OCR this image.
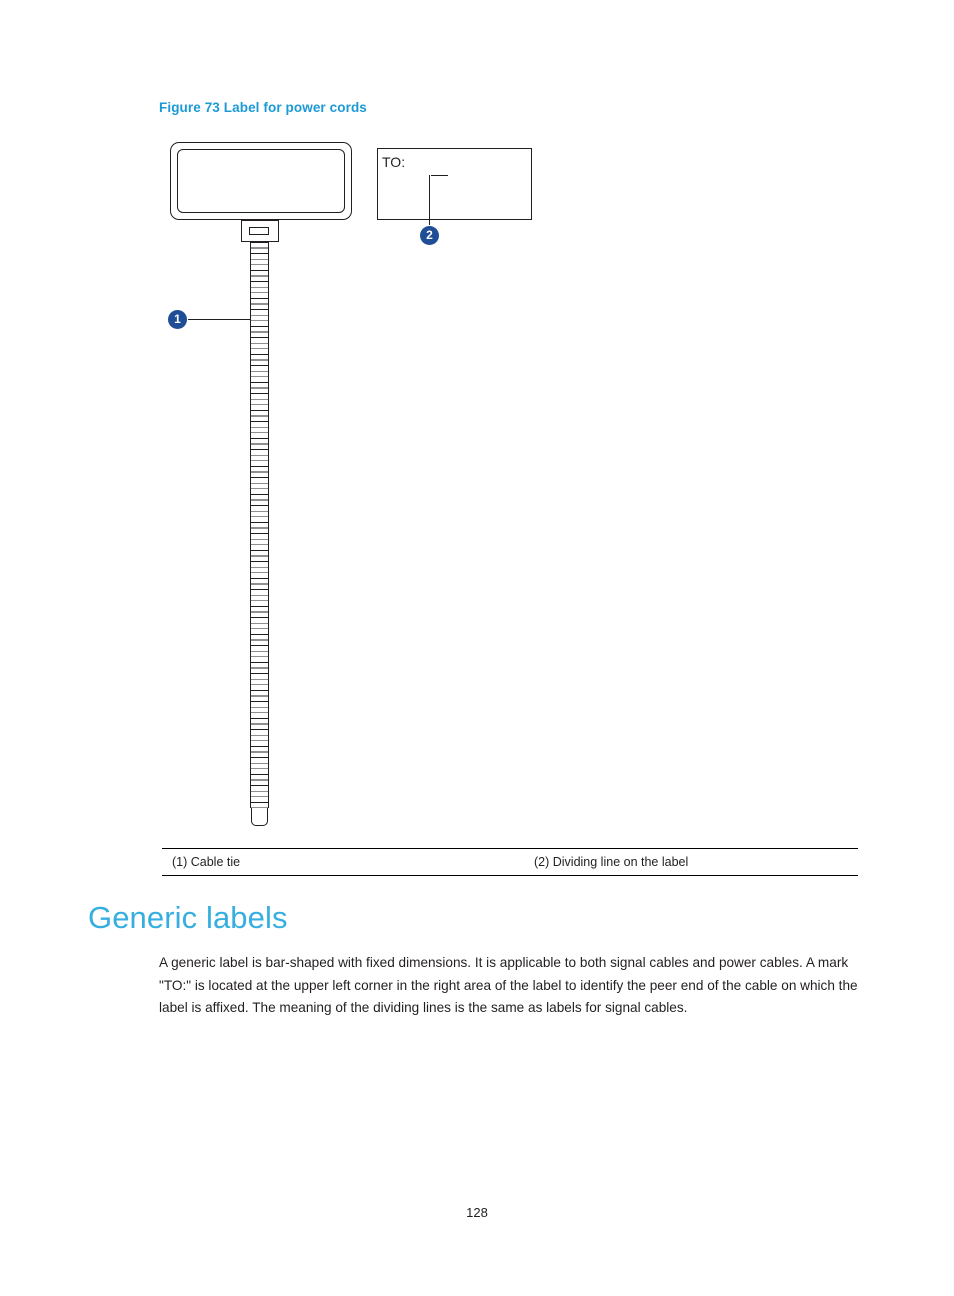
Figure 73 Label for power cords
TO:
1
2
(1) Cable tie	(2) Dividing line on the label
Generic labels
A generic label is bar-shaped with fixed dimensions. It is applicable to both signal cables and power cables. A mark "TO:" is located at the upper left corner in the right area of the label to identify the peer end of the cable on which the label is affixed. The meaning of the dividing lines is the same as labels for signal cables.
128
